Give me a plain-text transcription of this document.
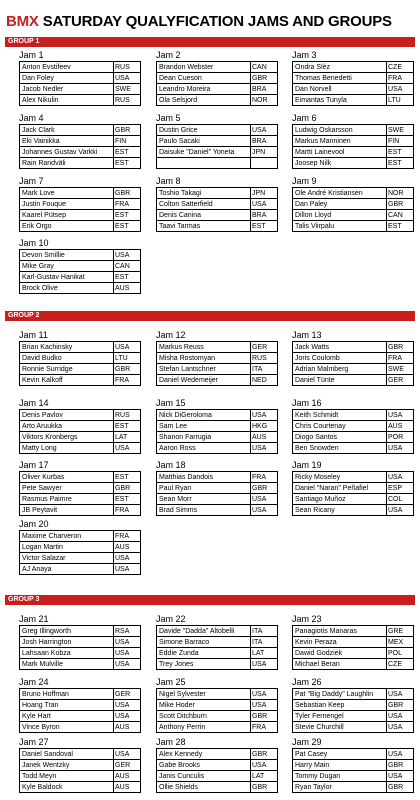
BMX SATURDAY QUALYFICATION JAMS AND GROUPS
GROUP 1
Jam 1
Anton Evstifeev	RUS
Dan Foley	USA
Jacob Nedler	SWE
Alex Nikulin	RUS
Jam 2
Brandon Webster	CAN
Dean Cueson	GBR
Leandro Moreira	BRA
Ola Selsjord	NOR
Jam 3
Ondra Sléz	CZE
Thomas Benedetti	FRA
Dan Norvell	USA
Eimantas Tunyla	LTU
Jam 4
Jack Clark	GBR
Eki Vainikka	FIN
Johannes Gustav Varkki	EST
Rain Randväli	EST
Jam 5
Dustin Grice	USA
Paulo Sacaki	BRA
Daisuke "Daniel" Yoneta	JPN

Jam 6
Ludwig Oskarsson	SWE
Markus Manninen	FIN
Martti Lainevool	EST
Joosep Nilk	EST
Jam 7
Mark Love	GBR
Justin Fouque	FRA
Kaarel Pütsep	EST
Erik Orgo	EST
Jam 8
Toshio Takagi	JPN
Colton Satterfield	USA
Denis Canina	BRA
Taavi Tarmas	EST
Jam 9
Ole André Kristiansen	NOR
Dan Paley	GBR
Dillon Lloyd	CAN
Talis Viirpalu	EST
Jam 10
Devon Smillie	USA
Mike Gray	CAN
Karl-Gustav Hanikat	EST
Brock Olive	AUS
GROUP 2
Jam 11
Brian Kachinsky	USA
David Budko	LTU
Ronnie Surridge	GBR
Kevin Kalkoff	FRA
Jam 12
Markus Reuss	GER
Misha Rostomyan	RUS
Stefan Lantschner	ITA
Daniel Wedemeijer	NED
Jam 13
Jack Watts	GBR
Joris Coulomb	FRA
Adrian Malmberg	SWE
Daniel Tünte	GER
Jam 14
Denis Pavlov	RUS
Arto Aruukka	EST
Viktors Kronbergs	LAT
Matty Long	USA
Jam 15
Nick DiGeroloma	USA
Sam Lee	HKG
Shanon Farrugia	AUS
Aaron Ross	USA
Jam 16
Keith Schmidt	USA
Chris Courtenay	AUS
Diogo Santos	POR
Ben Snowden	USA
Jam 17
Oliver Kurbas	EST
Pete Sawyer	GBR
Rasmus Paimre	EST
JB Peytavit	FRA
Jam 18
Matthias Dandois	FRA
Paul Ryan	GBR
Sean Morr	USA
Brad Simms	USA
Jam 19
Ricky Moseley	USA
Daniel "Naran" Peñafiel	ESP
Santiago Muñoz	COL
Sean Ricany	USA
Jam 20
Maxime Charveron	FRA
Logan Martin	AUS
Victor Salazar	USA
AJ Anaya	USA
GROUP 3
Jam 21
Greg Illingworth	RSA
Josh Harrington	USA
Lahsaan Kobza	USA
Mark Mulville	USA
Jam 22
Davide "Dadda" Altobelli	ITA
Simone Barraco	ITA
Eddie Zunda	LAT
Trey Jones	USA
Jam 23
Panagiotis Manaras	GRE
Kevin Peraza	MEX
Dawid Godziek	POL
Michael Beran	CZE
Jam 24
Bruno Hoffman	GER
Hoang Tran	USA
Kyle Hart	USA
Vince Byron	AUS
Jam 25
Nigel Sylvester	USA
Mike Hoder	USA
Scott Ditchburn	GBR
Anthony Perrin	FRA
Jam 26
Pat "Big Daddy" Laughlin	USA
Sebastian Keep	GBR
Tyler Fernengel	USA
Stevie Churchill	USA
Jam 27
Daniel Sandoval	USA
Janek Wentzky	GER
Todd Meyn	AUS
Kyle Baldock	AUS
Jam 28
Alex Kennedy	GBR
Gabe Brooks	USA
Janis Cunculis	LAT
Ollie Shields	GBR
Jam 29
Pat Casey	USA
Harry Main	GBR
Tommy Dugan	USA
Ryan Taylor	GBR
